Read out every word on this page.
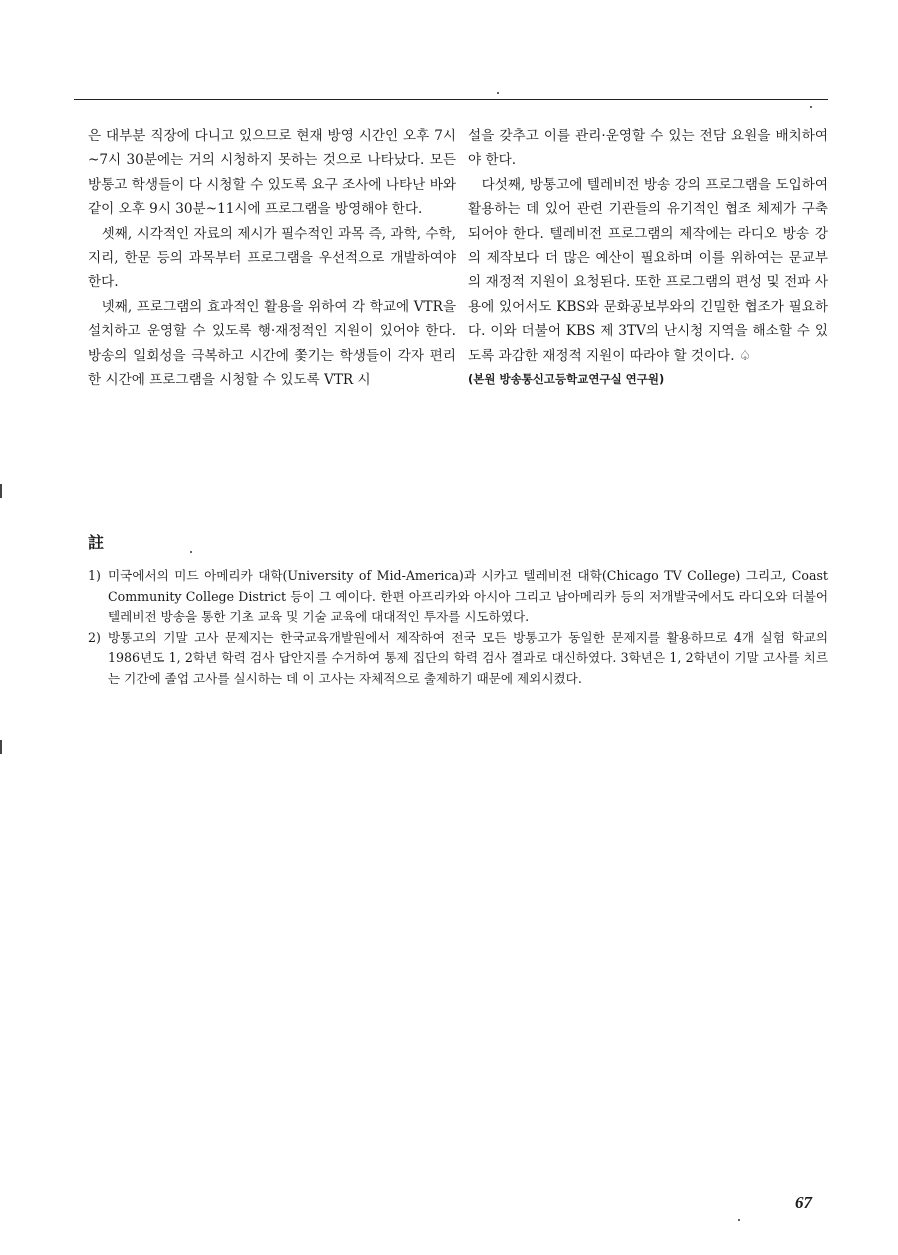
은 대부분 직장에 다니고 있으므로 현재 방영 시간인 오후 7시~7시 30분에는 거의 시청하지 못하는 것으로 나타났다. 모든 방통고 학생들이 다 시청할 수 있도록 요구 조사에 나타난 바와 같이 오후 9시 30분~11시에 프로그램을 방영해야 한다.

셋째, 시각적인 자료의 제시가 필수적인 과목 즉, 과학, 수학, 지리, 한문 등의 과목부터 프로그램을 우선적으로 개발하여야 한다.

넷째, 프로그램의 효과적인 활용을 위하여 각 학교에 VTR을 설치하고 운영할 수 있도록 행·재정적인 지원이 있어야 한다. 방송의 일회성을 극복하고 시간에 쫓기는 학생들이 각자 편리한 시간에 프로그램을 시청할 수 있도록 VTR 시

설을 갖추고 이를 관리·운영할 수 있는 전담 요원을 배치하여야 한다.

다섯째, 방통고에 텔레비전 방송 강의 프로그램을 도입하여 활용하는 데 있어 관련 기관들의 유기적인 협조 체제가 구축되어야 한다. 텔레비전 프로그램의 제작에는 라디오 방송 강의 제작보다 더 많은 예산이 필요하며 이를 위하여는 문교부의 재정적 지원이 요청된다. 또한 프로그램의 편성 및 전파 사용에 있어서도 KBS와 문화공보부와의 긴밀한 협조가 필요하다. 이와 더불어 KBS 제 3TV의 난시청 지역을 해소할 수 있도록 과감한 재정적 지원이 따라야 할 것이다. ♤

(본원 방송통신고등학교연구실 연구원)

註

1) 미국에서의 미드 아메리카 대학(University of Mid-America)과 시카고 텔레비전 대학(Chicago TV College) 그리고, Coast Community College District 등이 그 예이다. 한편 아프리카와 아시아 그리고 남아메리카 등의 저개발국에서도 라디오와 더불어 텔레비전 방송을 통한 기초 교육 및 기술 교육에 대대적인 투자를 시도하였다.

2) 방통고의 기말 고사 문제지는 한국교육개발원에서 제작하여 전국 모든 방통고가 동일한 문제지를 활용하므로 4개 실험 학교의 1986년도 1, 2학년 학력 검사 답안지를 수거하여 통제 집단의 학력 검사 결과로 대신하였다. 3학년은 1, 2학년이 기말 고사를 치르는 기간에 졸업 고사를 실시하는 데 이 고사는 자체적으로 출제하기 때문에 제외시켰다.

67
